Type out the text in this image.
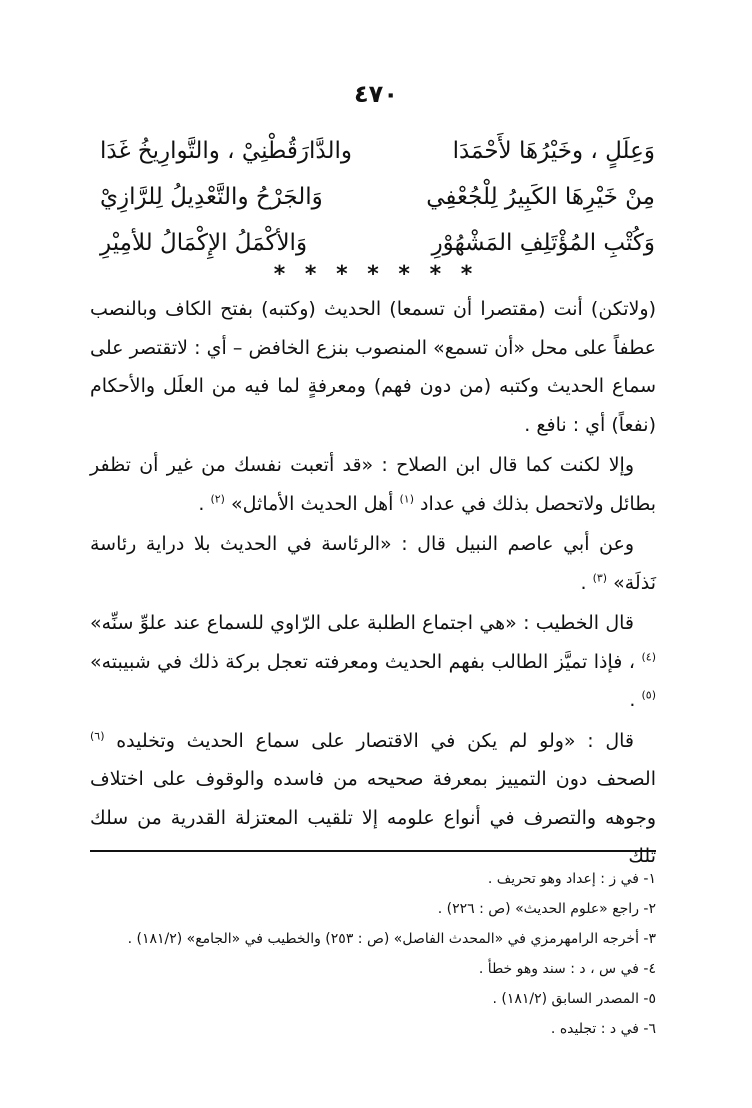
٤٧٠
وَعِلَلٍ ، وخَيْرُهَا لأَحْمَدَا
والدَّارَقُطْنِيْ ، والتَّوارِيخُ غَدَا
مِنْ خَيْرِهَا الكَبِيرُ لِلْجُعْفِي
وَالجَرْحُ والتَّعْدِيلُ لِلرَّازِيْ
وَكُتْبِ المُؤْتَلِفِ المَشْهُوْرِ
وَالأكْمَلُ الإِكْمَالُ للأمِيْرِ
* * * * * * *

(ولاتكن) أنت (مقتصرا أن تسمعا) الحديث (وكتبه) بفتح الكاف وبالنصب عطفاً على محل «أن تسمع» المنصوب بنزع الخافض – أي : لاتقتصر على سماع الحديث وكتبه (من دون فهم) ومعرفةٍ لما فيه من العلَل والأحكام (نفعاً) أي : نافع .

وإلا لكنت كما قال ابن الصلاح : «قد أتعبت نفسك من غير أن تظفر بطائل ولاتحصل بذلك في عداد $^{(١)}$ أهل الحديث الأماثل» $^{(٢)}$ .

وعن أبي عاصم النبيل قال : «الرئاسة في الحديث بلا دراية رئاسة نَذلَة» $^{(٣)}$ .

قال الخطيب : «هي اجتماع الطلبة على الرّاوي للسماع عند علوِّ سنِّه» $^{(٤)}$ ، فإذا تميَّز الطالب بفهم الحديث ومعرفته تعجل بركة ذلك في شبيبته» $^{(٥)}$ .

قال : «ولو لم يكن في الاقتصار على سماع الحديث وتخليده $^{(٦)}$ الصحف دون التمييز بمعرفة صحيحه من فاسده والوقوف على اختلاف وجوهه والتصرف في أنواع علومه إلا تلقيب المعتزلة القدرية من سلك تلك

١- في ز : إعداد وهو تحريف .
٢- راجع «علوم الحديث» (ص : ٢٢٦) .
٣- أخرجه الرامهرمزي في «المحدث الفاصل» (ص : ٢٥٣) والخطيب في «الجامع» (١٨١/٢) .
٤- في س ، د : سند وهو خطأ .
٥- المصدر السابق (١٨١/٢) .
٦- في د : تجليده .
